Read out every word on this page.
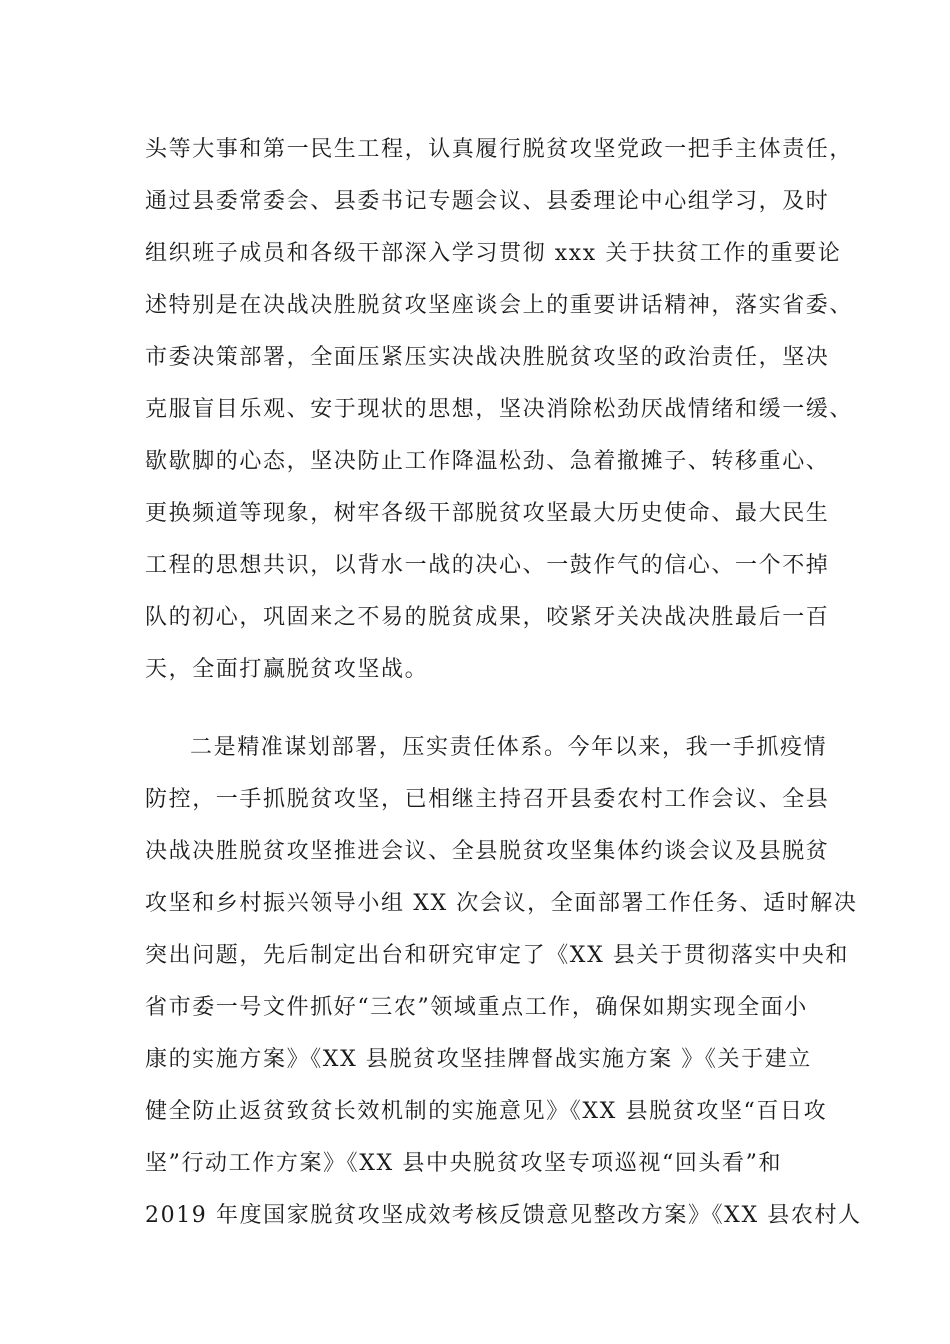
头等大事和第一民生工程，认真履行脱贫攻坚党政一把手主体责任，
通过县委常委会、县委书记专题会议、县委理论中心组学习，及时
组织班子成员和各级干部深入学习贯彻 xxx 关于扶贫工作的重要论
述特别是在决战决胜脱贫攻坚座谈会上的重要讲话精神，落实省委、
市委决策部署，全面压紧压实决战决胜脱贫攻坚的政治责任，坚决
克服盲目乐观、安于现状的思想，坚决消除松劲厌战情绪和缓一缓、
歇歇脚的心态，坚决防止工作降温松劲、急着撤摊子、转移重心、
更换频道等现象，树牢各级干部脱贫攻坚最大历史使命、最大民生
工程的思想共识，以背水一战的决心、一鼓作气的信心、一个不掉
队的初心，巩固来之不易的脱贫成果，咬紧牙关决战决胜最后一百
天，全面打赢脱贫攻坚战。
二是精准谋划部署，压实责任体系。今年以来，我一手抓疫情
防控，一手抓脱贫攻坚，已相继主持召开县委农村工作会议、全县
决战决胜脱贫攻坚推进会议、全县脱贫攻坚集体约谈会议及县脱贫
攻坚和乡村振兴领导小组 XX 次会议，全面部署工作任务、适时解决
突出问题，先后制定出台和研究审定了《XX 县关于贯彻落实中央和
省市委一号文件抓好“三农”领域重点工作，确保如期实现全面小
康的实施方案》《XX 县脱贫攻坚挂牌督战实施方案 》《关于建立
健全防止返贫致贫长效机制的实施意见》《XX 县脱贫攻坚“百日攻
坚”行动工作方案》《XX 县中央脱贫攻坚专项巡视“回头看”和
2019 年度国家脱贫攻坚成效考核反馈意见整改方案》《XX 县农村人
